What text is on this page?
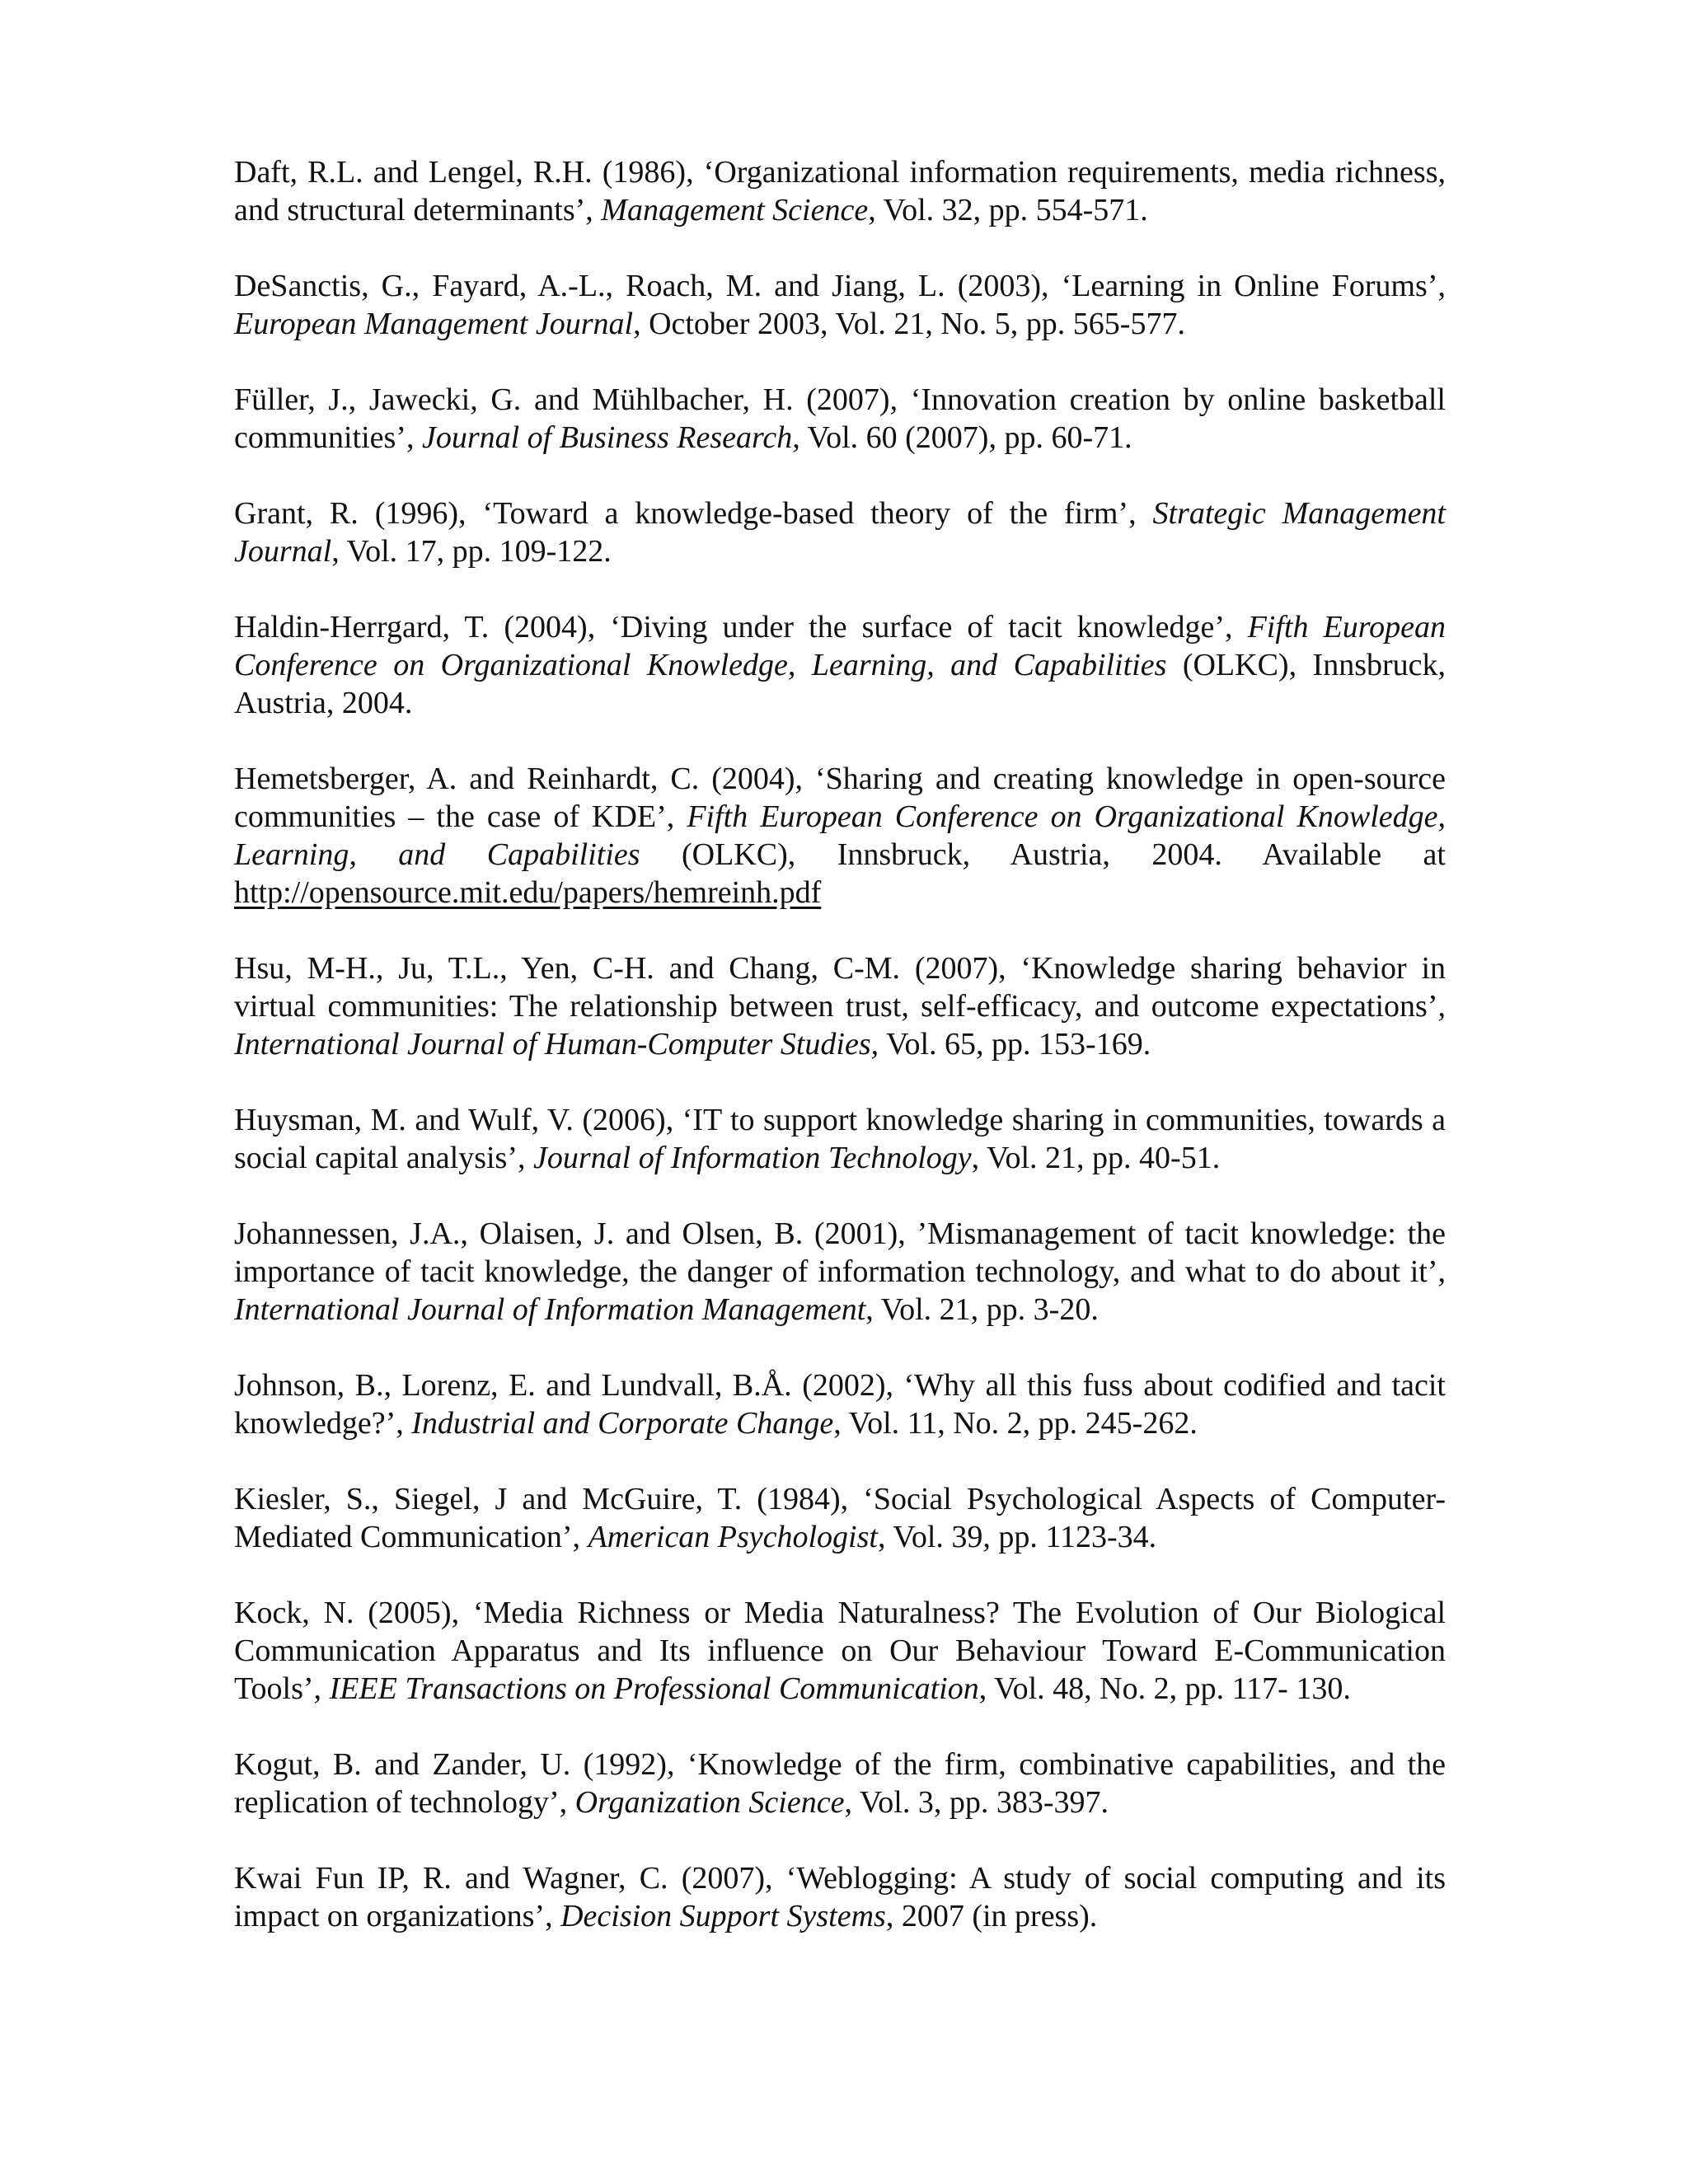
Daft, R.L. and Lengel, R.H. (1986), ‘Organizational information requirements, media richness, and structural determinants’, Management Science, Vol. 32, pp. 554-571.

DeSanctis, G., Fayard, A.-L., Roach, M. and Jiang, L. (2003), ‘Learning in Online Forums’, European Management Journal, October 2003, Vol. 21, No. 5, pp. 565-577.

Füller, J., Jawecki, G. and Mühlbacher, H. (2007), ‘Innovation creation by online basketball communities’, Journal of Business Research, Vol. 60 (2007), pp. 60-71.

Grant, R. (1996), ‘Toward a knowledge-based theory of the firm’, Strategic Management Journal, Vol. 17, pp. 109-122.

Haldin-Herrgard, T. (2004), ‘Diving under the surface of tacit knowledge’, Fifth European Conference on Organizational Knowledge, Learning, and Capabilities (OLKC), Innsbruck, Austria, 2004.

Hemetsberger, A. and Reinhardt, C. (2004), ‘Sharing and creating knowledge in open-source communities – the case of KDE’, Fifth European Conference on Organizational Knowledge, Learning, and Capabilities (OLKC), Innsbruck, Austria, 2004. Available at http://opensource.mit.edu/papers/hemreinh.pdf

Hsu, M-H., Ju, T.L., Yen, C-H. and Chang, C-M. (2007), ‘Knowledge sharing behavior in virtual communities: The relationship between trust, self-efficacy, and outcome expectations’, International Journal of Human-Computer Studies, Vol. 65, pp. 153-169.

Huysman, M. and Wulf, V. (2006), ‘IT to support knowledge sharing in communities, towards a social capital analysis’, Journal of Information Technology, Vol. 21, pp. 40-51.

Johannessen, J.A., Olaisen, J. and Olsen, B. (2001), ’Mismanagement of tacit knowledge: the importance of tacit knowledge, the danger of information technology, and what to do about it’, International Journal of Information Management, Vol. 21, pp. 3-20.

Johnson, B., Lorenz, E. and Lundvall, B.Å. (2002), ‘Why all this fuss about codified and tacit knowledge?’, Industrial and Corporate Change, Vol. 11, No. 2, pp. 245-262.

Kiesler, S., Siegel, J and McGuire, T. (1984), ‘Social Psychological Aspects of Computer-Mediated Communication’, American Psychologist, Vol. 39, pp. 1123-34.

Kock, N. (2005), ‘Media Richness or Media Naturalness? The Evolution of Our Biological Communication Apparatus and Its influence on Our Behaviour Toward E-Communication Tools’, IEEE Transactions on Professional Communication, Vol. 48, No. 2, pp. 117- 130.

Kogut, B. and Zander, U. (1992), ‘Knowledge of the firm, combinative capabilities, and the replication of technology’, Organization Science, Vol. 3, pp. 383-397.

Kwai Fun IP, R. and Wagner, C. (2007), ‘Weblogging: A study of social computing and its impact on organizations’, Decision Support Systems, 2007 (in press).
